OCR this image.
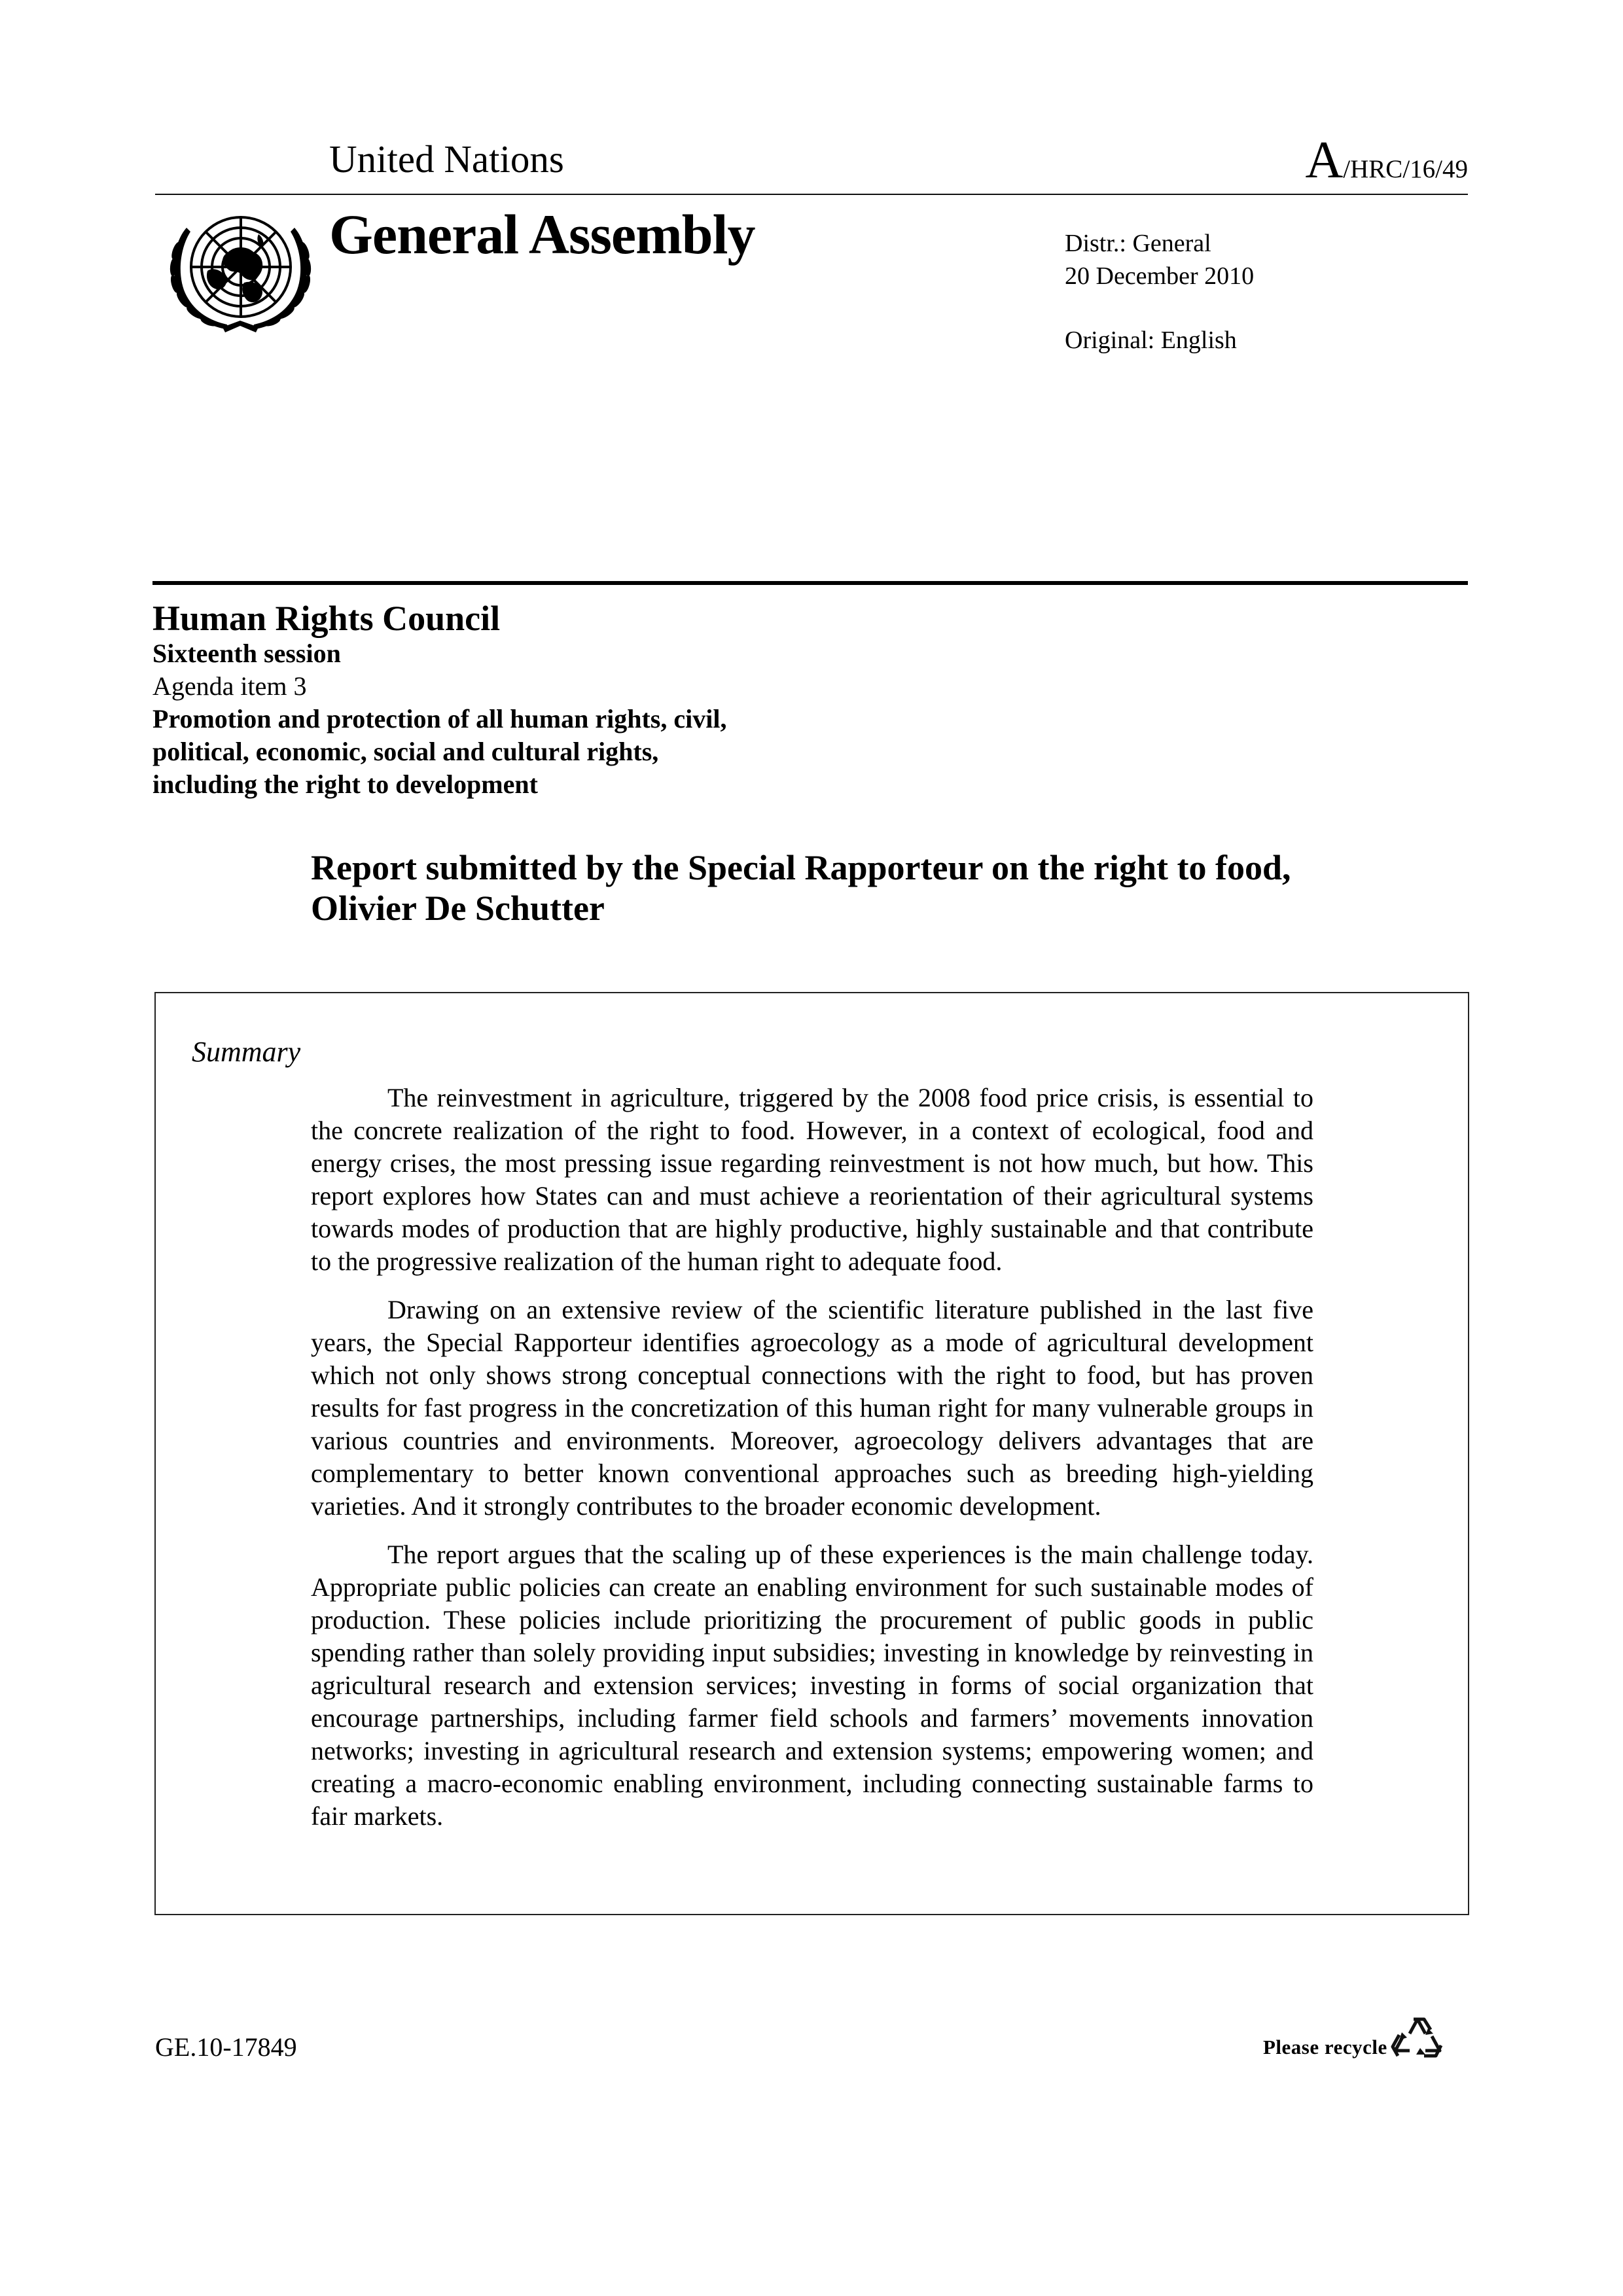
United Nations	A /HRC/16/49
General Assembly	Distr.: General
20 December 2010
Original: English
Human Rights Council
Sixteenth session
Agenda item 3
Promotion and protection of all human rights, civil,
political, economic, social and cultural rights,
including the right to development
Report submitted by the Special Rapporteur on the right to food, Olivier De Schutter
Summary

The reinvestment in agriculture, triggered by the 2008 food price crisis, is essential to the concrete realization of the right to food. However, in a context of ecological, food and energy crises, the most pressing issue regarding reinvestment is not how much, but how. This report explores how States can and must achieve a reorientation of their agricultural systems towards modes of production that are highly productive, highly sustainable and that contribute to the progressive realization of the human right to adequate food.

Drawing on an extensive review of the scientific literature published in the last five years, the Special Rapporteur identifies agroecology as a mode of agricultural development which not only shows strong conceptual connections with the right to food, but has proven results for fast progress in the concretization of this human right for many vulnerable groups in various countries and environments. Moreover, agroecology delivers advantages that are complementary to better known conventional approaches such as breeding high-yielding varieties. And it strongly contributes to the broader economic development.

The report argues that the scaling up of these experiences is the main challenge today. Appropriate public policies can create an enabling environment for such sustainable modes of production. These policies include prioritizing the procurement of public goods in public spending rather than solely providing input subsidies; investing in knowledge by reinvesting in agricultural research and extension services; investing in forms of social organization that encourage partnerships, including farmer field schools and farmers’ movements innovation networks; investing in agricultural research and extension systems; empowering women; and creating a macro-economic enabling environment, including connecting sustainable farms to fair markets.

GE.10-17849	Please recycle
